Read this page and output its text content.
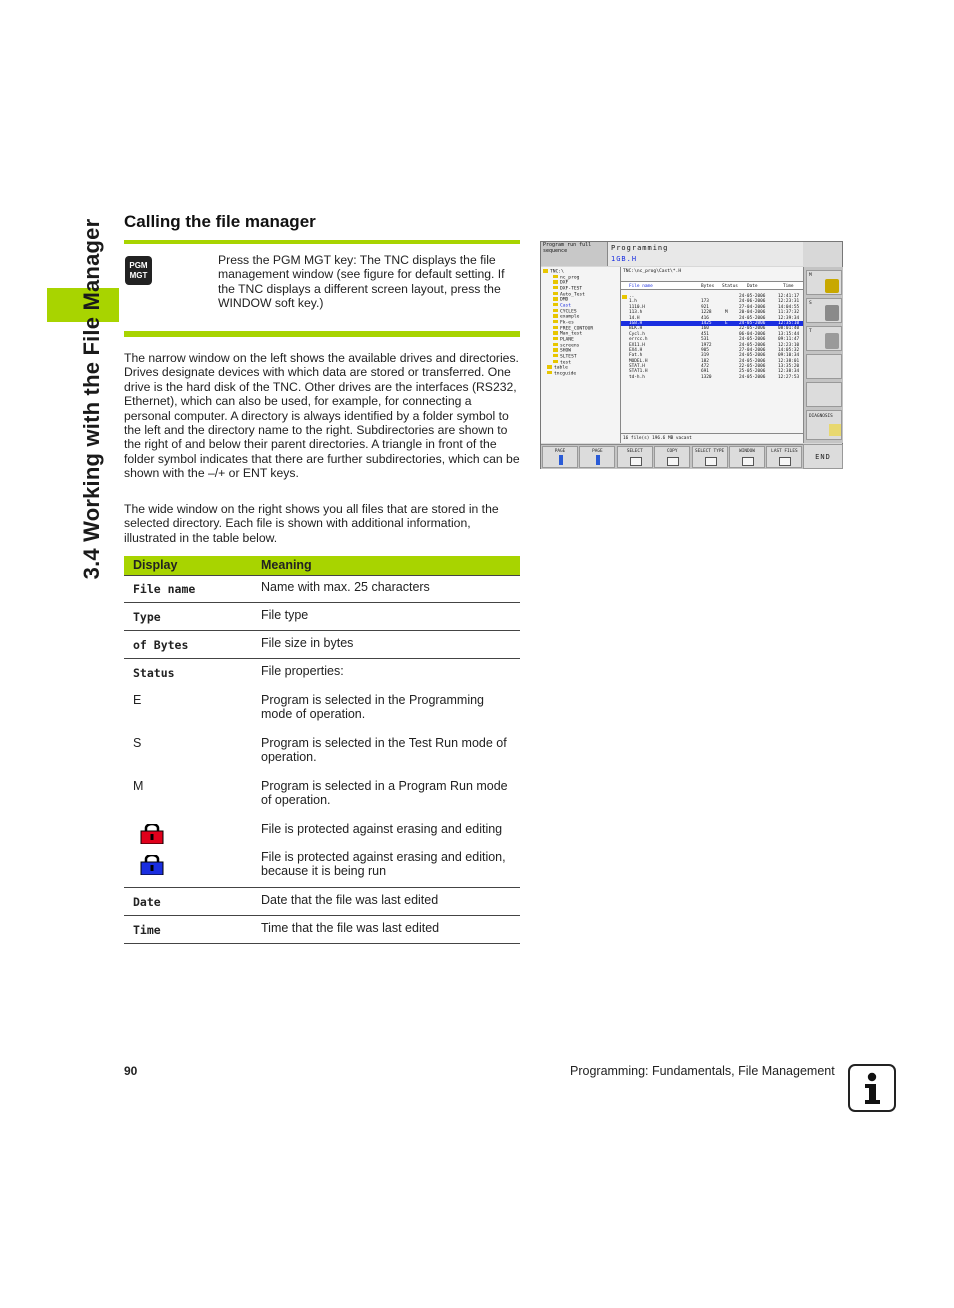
3.4 Working with the File Manager Calling the file manager
PGM
MGT
Press the PGM MGT key: The TNC displays the file management window (see figure for default setting. If the TNC displays a different screen layout, press the WINDOW soft key.)
The narrow window on the left shows the available drives and directories. Drives designate devices with which data are stored or transferred. One drive is the hard disk of the TNC. Other drives are the interfaces (RS232, Ethernet), which can also be used, for example, for connecting a personal computer. A directory is always identified by a folder symbol to the left and the directory name to the right. Subdirectories are shown to the right of and below their parent directories. A triangle in front of the folder symbol indicates that there are further subdirectories, which can be shown with the –/+ or ENT keys.
The wide window on the right shows you all files that are stored in the selected directory. Each file is shown with additional information, illustrated in the table below.
Display	Meaning
File name	Name with max. 25 characters
Type	File type
of Bytes	File size in bytes
Status	File properties:
E	Program is selected in the Programming mode of operation.
S	Program is selected in the Test Run mode of operation.
M	Program is selected in a Program Run mode of operation.
File is protected against erasing and editing
File is protected against erasing and edition, because it is being run
Date	Date that the file was last edited
Time	Time that the file was last edited
Program run full sequence	Programming
1GB.H
TNC:\
nc_prog
DXF
DXF-TEST
Auto_Test
DMD
Cast
CYCLES
example
Fk-es
FREE_CONTOUR
Man_test
PLANE
screens
SHOW
SLTEST
test
table
tncguide
TNC:\nc_prog\Cast\*.H
File name	Bytes Status Date	Time
..	24-05-2006	12:41:17
1.h	173	24-06-2006	12:23:31
1110.H	921	27-04-2006	14:04:55
113.h	1228	M	20-04-2006	11:37:32
14.H	416	24-05-2006	12:39:34
1GB.H	1425	E	24-05-2006	12:35:10
BLK.H	160	22-05-2006	08:01:40
Cycl.h	451	06-04-2006	13:15:44
errcc.h	531	24-05-2006	09:11:47
EX11.H	1972	24-05-2006	12:23:10
EX4.H	905	27-04-2006	14:05:32
Fat.h	319	24-05-2006	09:10:34
MODEL.H	182	24-05-2006	12:38:01
STAT.H	472	22-05-2006	13:35:20
STAT1.H	691	25-05-2006	12:38:34
td-h.h	1320	24-05-2006	12:27:53
16 file(s) 196.6 MB vacant
M
S
T
DIAGNOSIS
PAGE	PAGE	SELECT	COPY	SELECT TYPE	WINDOW	LAST FILES
END
90	Programming: Fundamentals, File Management
